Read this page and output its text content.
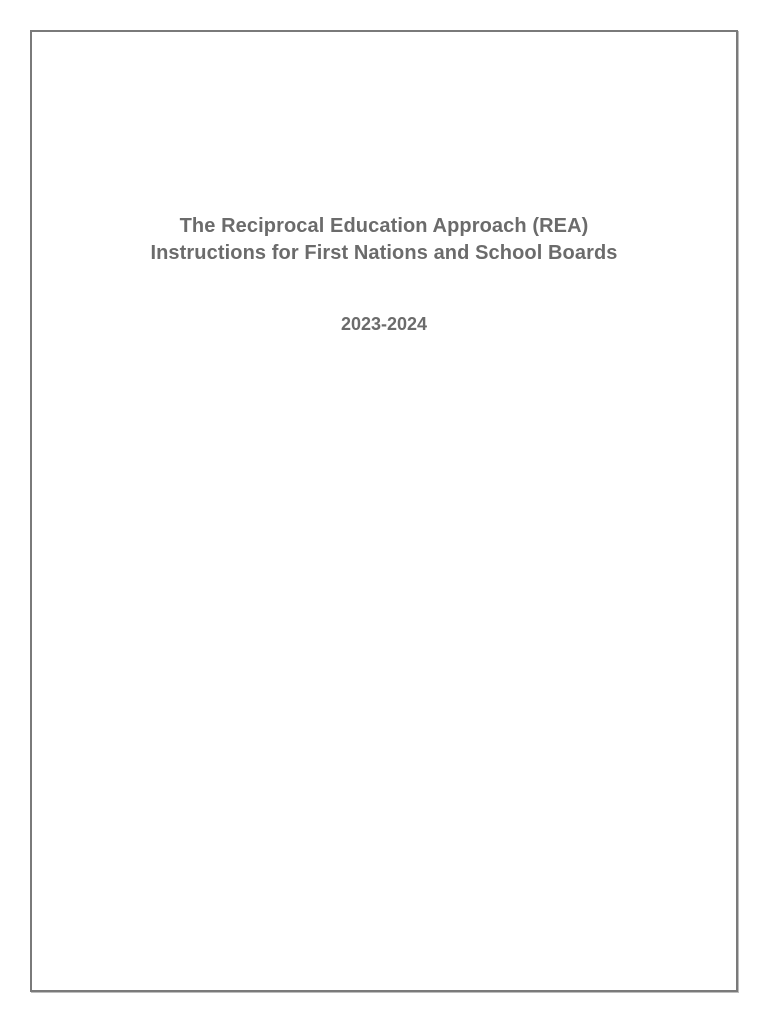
The Reciprocal Education Approach (REA)
Instructions for First Nations and School Boards
2023-2024
